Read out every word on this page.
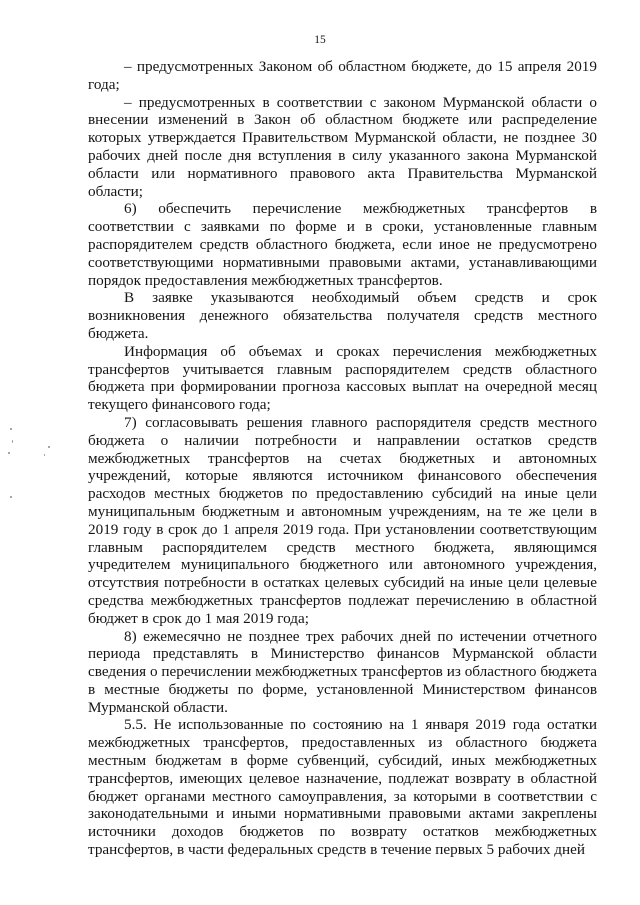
15

– предусмотренных Законом об областном бюджете, до 15 апреля 2019 года;

– предусмотренных в соответствии с законом Мурманской области о внесении изменений в Закон об областном бюджете или распределение которых утверждается Правительством Мурманской области, не позднее 30 рабочих дней после дня вступления в силу указанного закона Мурманской области или нормативного правового акта Правительства Мурманской области;

6) обеспечить перечисление межбюджетных трансфертов в соответствии с заявками по форме и в сроки, установленные главным распорядителем средств областного бюджета, если иное не предусмотрено соответствующими нормативными правовыми актами, устанавливающими порядок предоставления межбюджетных трансфертов.

В заявке указываются необходимый объем средств и срок возникновения денежного обязательства получателя средств местного бюджета.

Информация об объемах и сроках перечисления межбюджетных трансфертов учитывается главным распорядителем средств областного бюджета при формировании прогноза кассовых выплат на очередной месяц текущего финансового года;

7) согласовывать решения главного распорядителя средств местного бюджета о наличии потребности и направлении остатков средств межбюджетных трансфертов на счетах бюджетных и автономных учреждений, которые являются источником финансового обеспечения расходов местных бюджетов по предоставлению субсидий на иные цели муниципальным бюджетным и автономным учреждениям, на те же цели в 2019 году в срок до 1 апреля 2019 года. При установлении соответствующим главным распорядителем средств местного бюджета, являющимся учредителем муниципального бюджетного или автономного учреждения, отсутствия потребности в остатках целевых субсидий на иные цели целевые средства межбюджетных трансфертов подлежат перечислению в областной бюджет в срок до 1 мая 2019 года;

8) ежемесячно не позднее трех рабочих дней по истечении отчетного периода представлять в Министерство финансов Мурманской области сведения о перечислении межбюджетных трансфертов из областного бюджета в местные бюджеты по форме, установленной Министерством финансов Мурманской области.

5.5. Не использованные по состоянию на 1 января 2019 года остатки межбюджетных трансфертов, предоставленных из областного бюджета местным бюджетам в форме субвенций, субсидий, иных межбюджетных трансфертов, имеющих целевое назначение, подлежат возврату в областной бюджет органами местного самоуправления, за которыми в соответствии с законодательными и иными нормативными правовыми актами закреплены источники доходов бюджетов по возврату остатков межбюджетных трансфертов, в части федеральных средств в течение первых 5 рабочих дней
